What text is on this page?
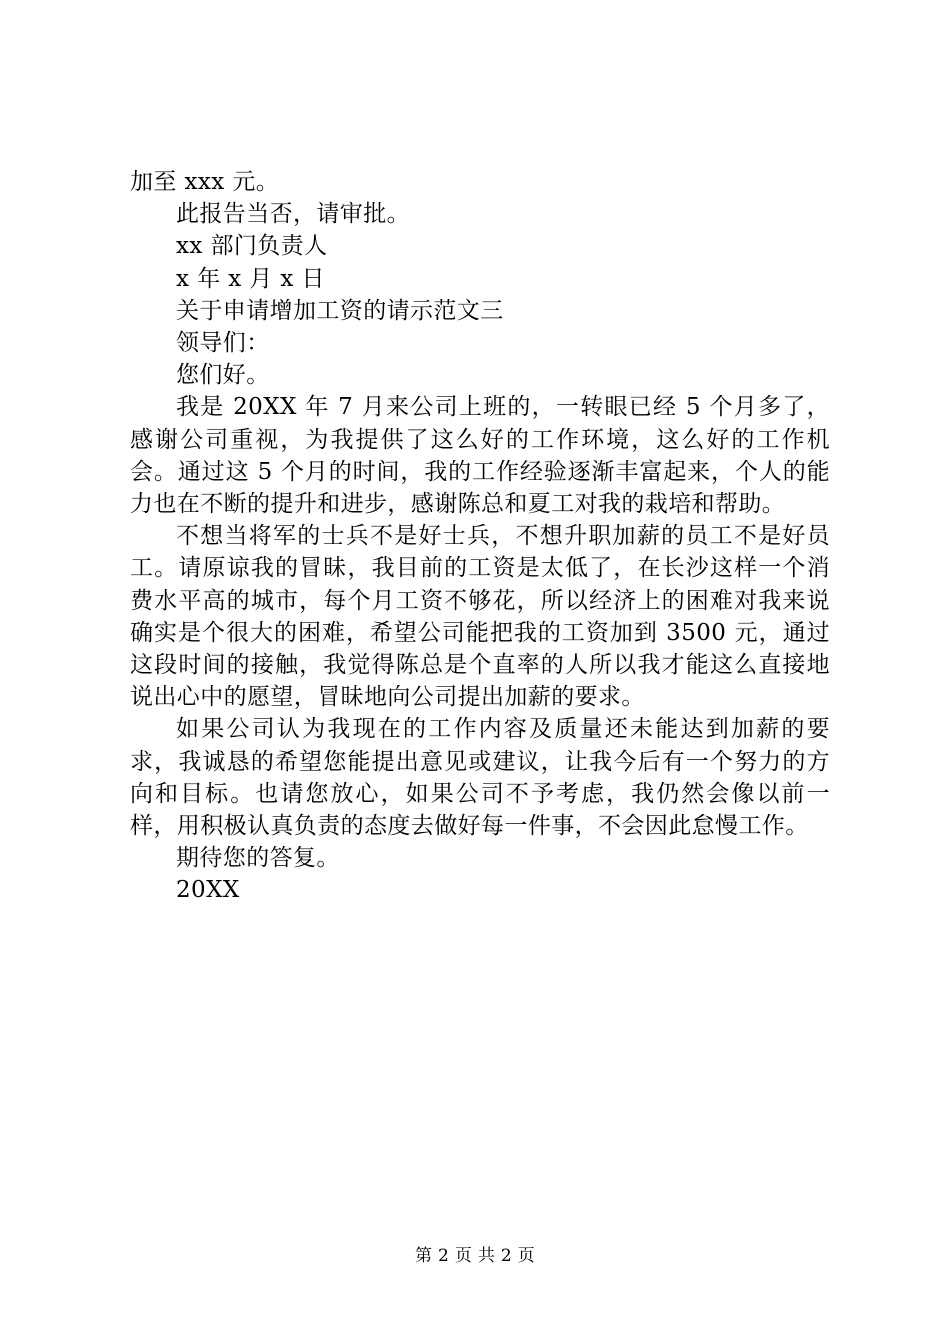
加至 xxx 元。
此报告当否，请审批。
xx 部门负责人
x 年 x 月 x 日
关于申请增加工资的请示范文三
领导们：
您们好。
我是 20XX 年 7 月来公司上班的，一转眼已经 5 个月多了，感谢公司重视，为我提供了这么好的工作环境，这么好的工作机会。通过这 5 个月的时间，我的工作经验逐渐丰富起来，个人的能力也在不断的提升和进步，感谢陈总和夏工对我的栽培和帮助。
不想当将军的士兵不是好士兵，不想升职加薪的员工不是好员工。请原谅我的冒昧，我目前的工资是太低了，在长沙这样一个消费水平高的城市，每个月工资不够花，所以经济上的困难对我来说确实是个很大的困难，希望公司能把我的工资加到 3500 元，通过这段时间的接触，我觉得陈总是个直率的人所以我才能这么直接地说出心中的愿望，冒昧地向公司提出加薪的要求。
如果公司认为我现在的工作内容及质量还未能达到加薪的要求，我诚恳的希望您能提出意见或建议，让我今后有一个努力的方向和目标。也请您放心，如果公司不予考虑，我仍然会像以前一样，用积极认真负责的态度去做好每一件事，不会因此怠慢工作。
期待您的答复。
20XX
第 2 页 共 2 页
